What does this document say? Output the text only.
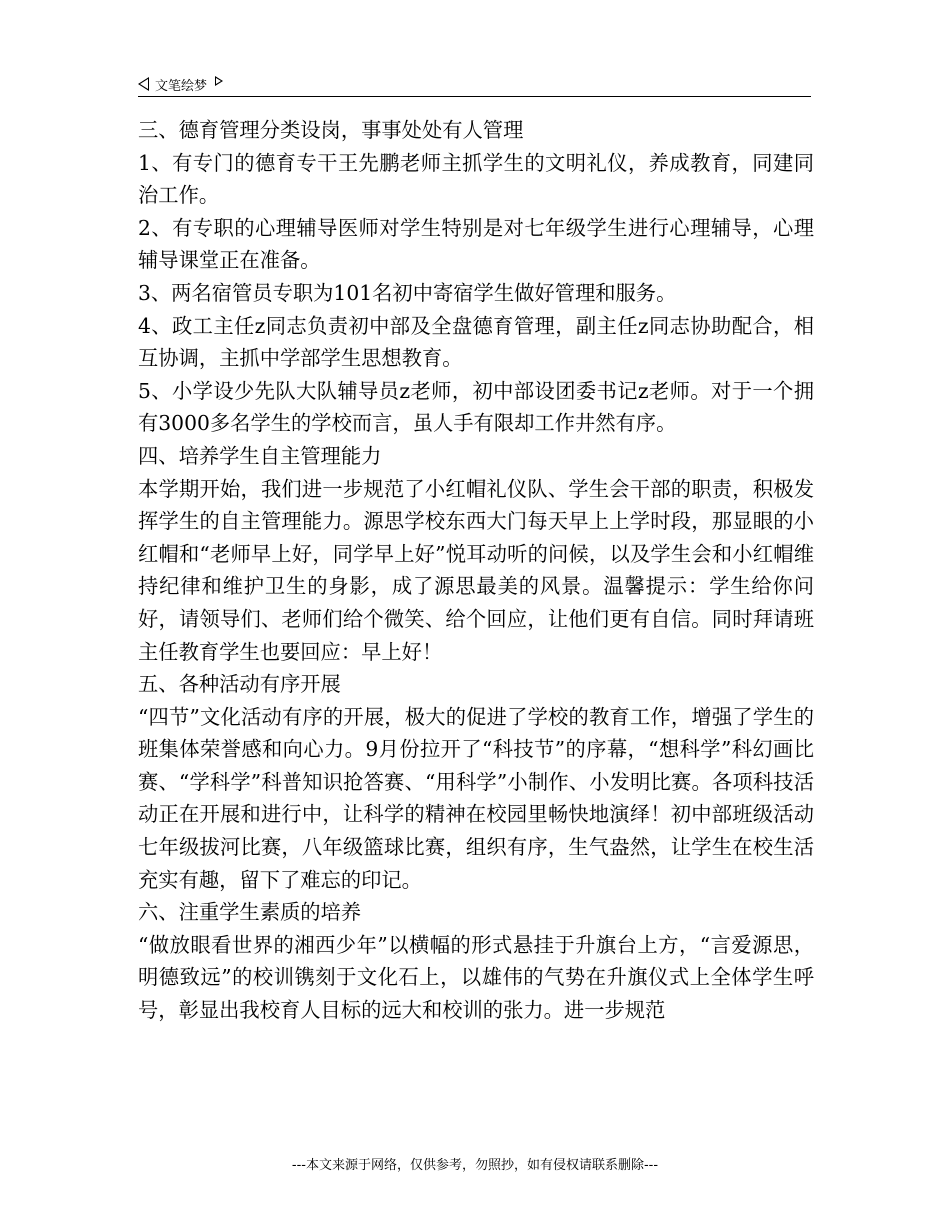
文笔绘梦

三、德育管理分类设岗，事事处处有人管理

1、有专门的德育专干王先鹏老师主抓学生的文明礼仪，养成教育，同建同治工作。

2、有专职的心理辅导医师对学生特别是对七年级学生进行心理辅导，心理辅导课堂正在准备。

3、两名宿管员专职为101名初中寄宿学生做好管理和服务。

4、政工主任z同志负责初中部及全盘德育管理，副主任z同志协助配合，相互协调，主抓中学部学生思想教育。

5、小学设少先队大队辅导员z老师，初中部设团委书记z老师。对于一个拥有3000多名学生的学校而言，虽人手有限却工作井然有序。

四、培养学生自主管理能力

本学期开始，我们进一步规范了小红帽礼仪队、学生会干部的职责，积极发挥学生的自主管理能力。源思学校东西大门每天早上上学时段，那显眼的小红帽和“老师早上好，同学早上好”悦耳动听的问候，以及学生会和小红帽维持纪律和维护卫生的身影，成了源思最美的风景。温馨提示：学生给你问好，请领导们、老师们给个微笑、给个回应，让他们更有自信。同时拜请班主任教育学生也要回应：早上好！

五、各种活动有序开展

“四节”文化活动有序的开展，极大的促进了学校的教育工作，增强了学生的班集体荣誉感和向心力。9月份拉开了“科技节”的序幕，“想科学”科幻画比赛、“学科学”科普知识抢答赛、“用科学”小制作、小发明比赛。各项科技活动正在开展和进行中，让科学的精神在校园里畅快地演绎！初中部班级活动七年级拔河比赛，八年级篮球比赛，组织有序，生气盎然，让学生在校生活充实有趣，留下了难忘的印记。

六、注重学生素质的培养

“做放眼看世界的湘西少年”以横幅的形式悬挂于升旗台上方，“言爱源思，明德致远”的校训镌刻于文化石上，以雄伟的气势在升旗仪式上全体学生呼号，彰显出我校育人目标的远大和校训的张力。进一步规范

---本文来源于网络，仅供参考，勿照抄，如有侵权请联系删除---
